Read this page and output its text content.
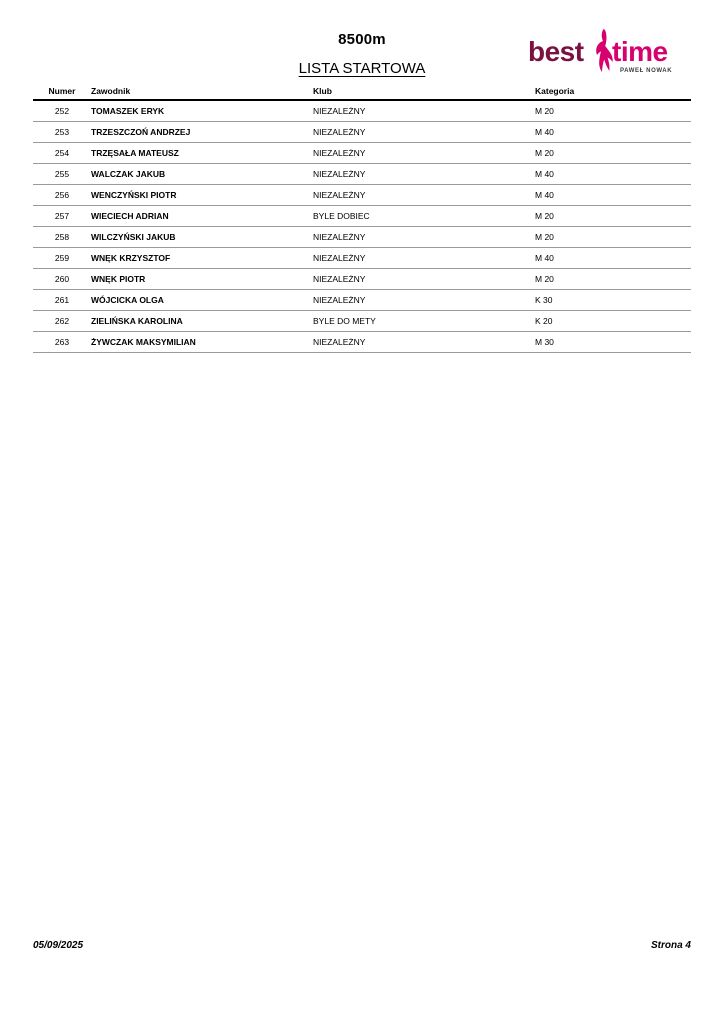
8500m
LISTA STARTOWA
best time
PAWEŁ NOWAK
Numer	Zawodnik	Klub	Kategoria
252	TOMASZEK ERYK	NIEZALEŻNY	M 20
253	TRZESZCZOŃ ANDRZEJ	NIEZALEŻNY	M 40
254	TRZĘSAŁA MATEUSZ	NIEZALEŻNY	M 20
255	WALCZAK JAKUB	NIEZALEŻNY	M 40
256	WENCZYŃSKI PIOTR	NIEZALEŻNY	M 40
257	WIECIECH ADRIAN	BYLE DOBIEC	M 20
258	WILCZYŃSKI JAKUB	NIEZALEŻNY	M 20
259	WNĘK KRZYSZTOF	NIEZALEŻNY	M 40
260	WNĘK PIOTR	NIEZALEŻNY	M 20
261	WÓJCICKA OLGA	NIEZALEŻNY	K 30
262	ZIELIŃSKA KAROLINA	BYLE DO METY	K 20
263	ŻYWCZAK MAKSYMILIAN	NIEZALEŻNY	M 30
05/09/2025	Strona 4
